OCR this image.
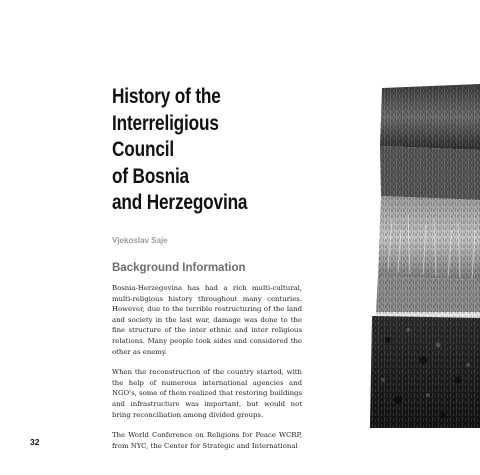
History of the
Interreligious
Council
of Bosnia
and Herzegovina
Vjekoslav Saje
Background Information

Bosnia-Herzegovina has had a rich multi-cultural, multi-religious history throughout many centuries. However, due to the terrible restructuring of the land and society in the last war, damage was done to the fine structure of the inter ethnic and inter religious relations. Many people took sides and considered the other as enemy.

When the reconstruction of the country started, with the help of numerous international agencies and NGO's, some of them realized that restoring buildings and infrastructure was important, but would not bring reconciliation among divided groups.

The World Conference on Religions for Peace WCRP, from NYC, the Center for Strategic and International

32
